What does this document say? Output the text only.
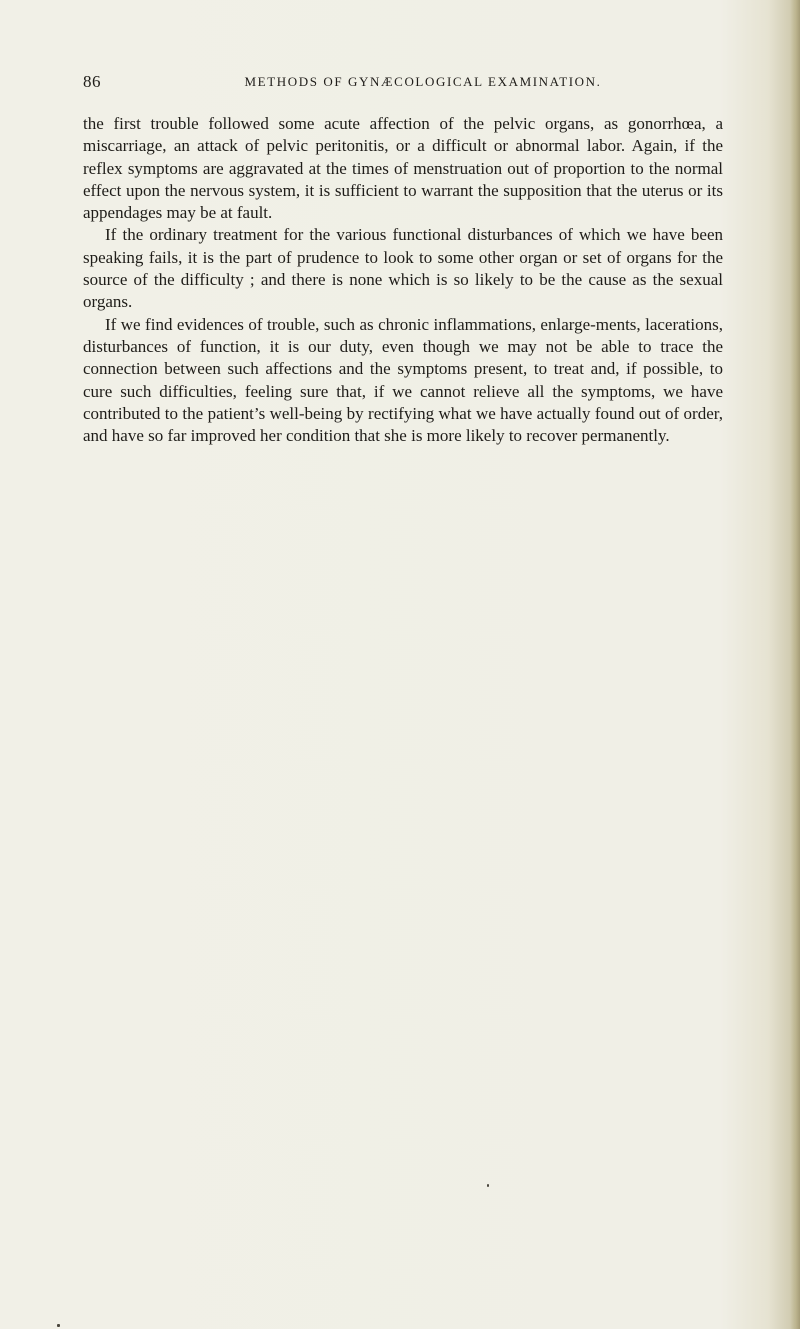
86	METHODS OF GYNÆCOLOGICAL EXAMINATION.

the first trouble followed some acute affection of the pelvic organs, as gonorrhœa, a miscarriage, an attack of pelvic peritonitis, or a difficult or abnormal labor. Again, if the reflex symptoms are aggravated at the times of menstruation out of proportion to the normal effect upon the nervous system, it is sufficient to warrant the supposition that the uterus or its appendages may be at fault.

If the ordinary treatment for the various functional disturbances of which we have been speaking fails, it is the part of prudence to look to some other organ or set of organs for the source of the difficulty ; and there is none which is so likely to be the cause as the sexual organs.

If we find evidences of trouble, such as chronic inflammations, enlarge-ments, lacerations, disturbances of function, it is our duty, even though we may not be able to trace the connection between such affections and the symptoms present, to treat and, if possible, to cure such difficulties, feeling sure that, if we cannot relieve all the symptoms, we have contributed to the patient’s well-being by rectifying what we have actually found out of order, and have so far improved her condition that she is more likely to recover permanently.
